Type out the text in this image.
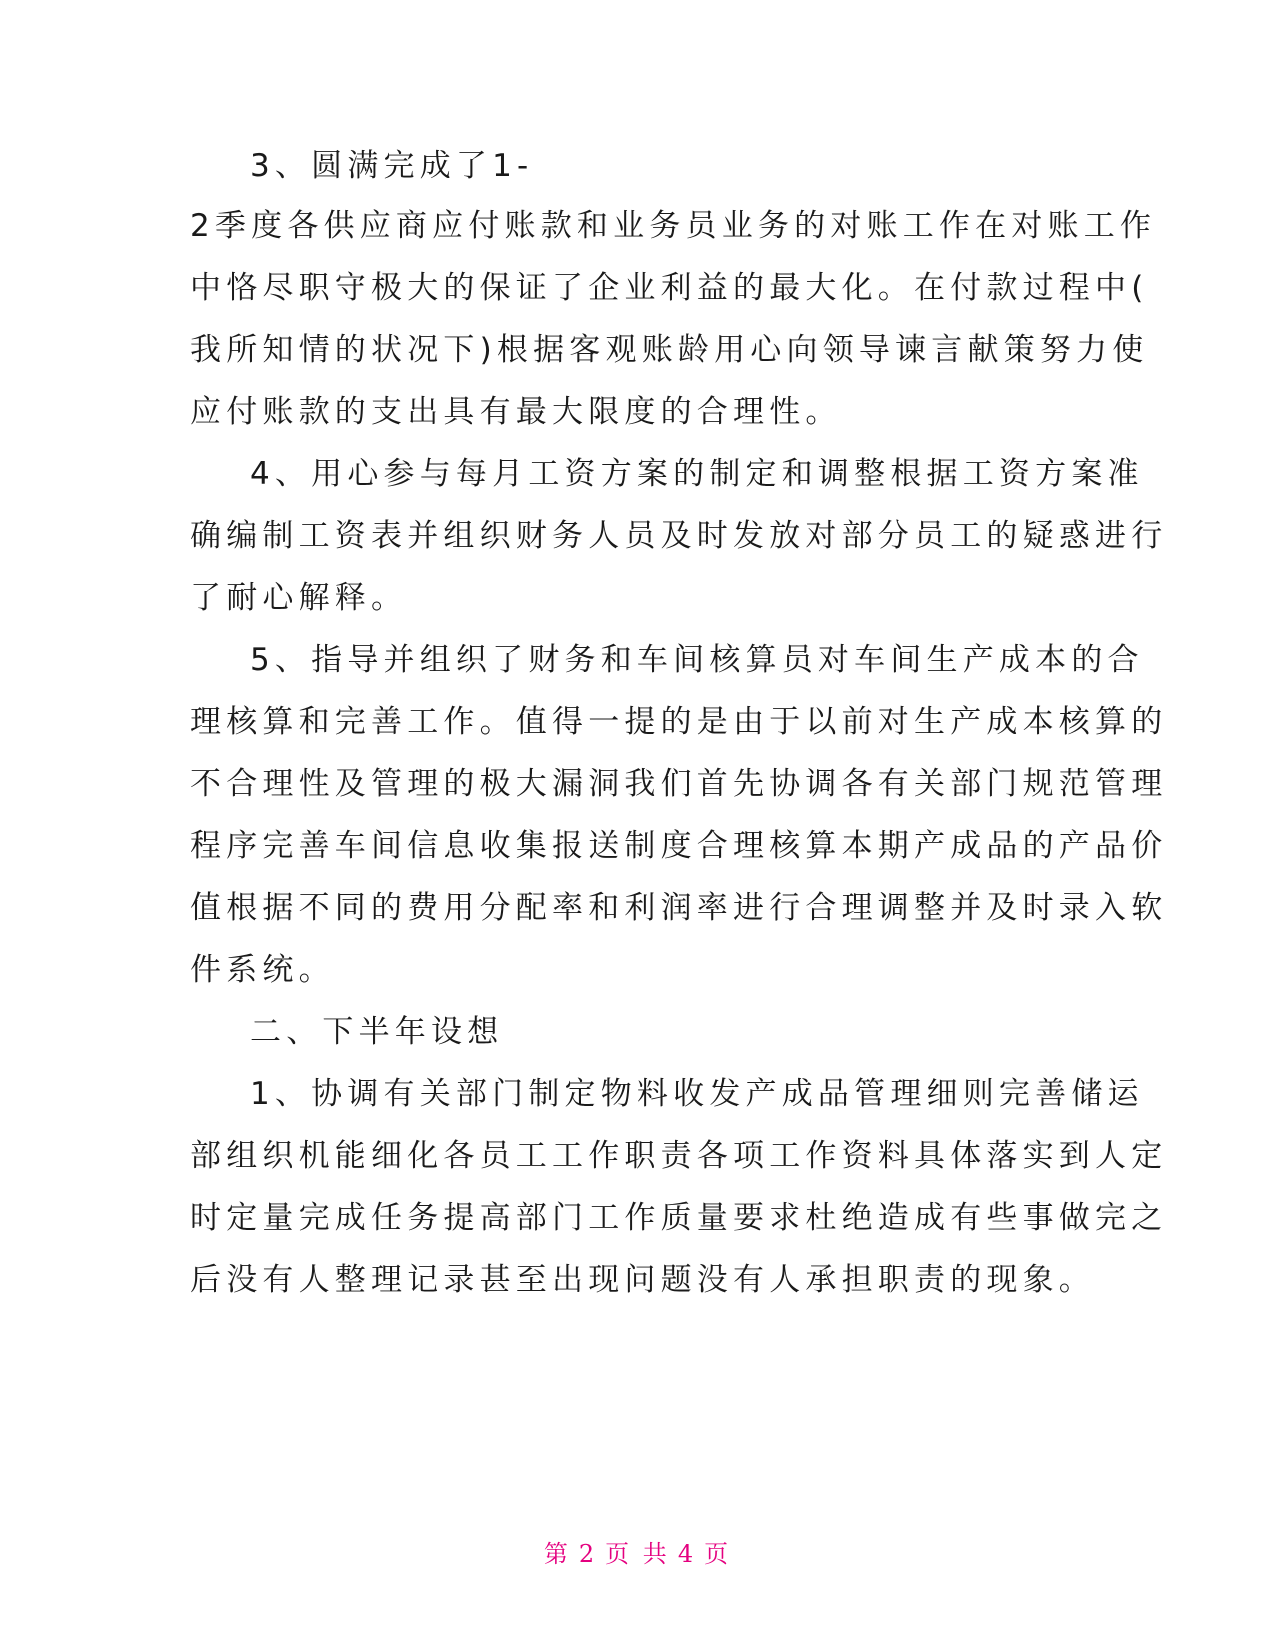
3、圆满完成了1-
2季度各供应商应付账款和业务员业务的对账工作在对账工作
中恪尽职守极大的保证了企业利益的最大化。在付款过程中(
我所知情的状况下)根据客观账龄用心向领导谏言献策努力使
应付账款的支出具有最大限度的合理性。
4、用心参与每月工资方案的制定和调整根据工资方案准
确编制工资表并组织财务人员及时发放对部分员工的疑惑进行
了耐心解释。
5、指导并组织了财务和车间核算员对车间生产成本的合
理核算和完善工作。值得一提的是由于以前对生产成本核算的
不合理性及管理的极大漏洞我们首先协调各有关部门规范管理
程序完善车间信息收集报送制度合理核算本期产成品的产品价
值根据不同的费用分配率和利润率进行合理调整并及时录入软
件系统。
二、下半年设想
1、协调有关部门制定物料收发产成品管理细则完善储运
部组织机能细化各员工工作职责各项工作资料具体落实到人定
时定量完成任务提高部门工作质量要求杜绝造成有些事做完之
后没有人整理记录甚至出现问题没有人承担职责的现象。
第 2 页 共 4 页
